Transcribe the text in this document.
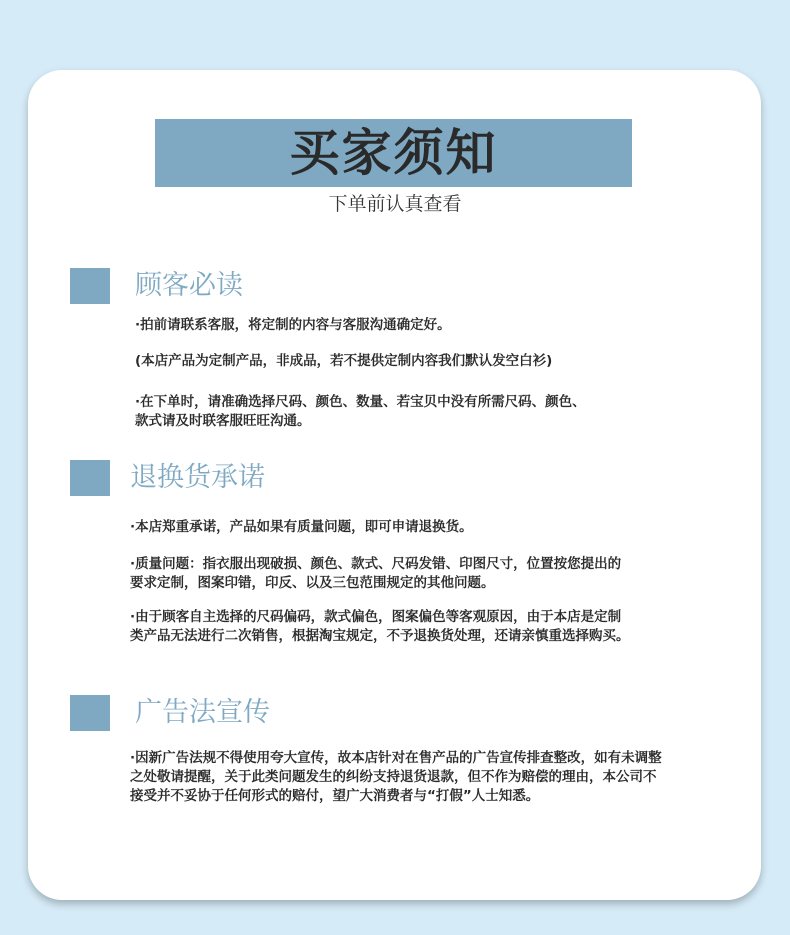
买家须知
下单前认真查看
顾客必读
·拍前请联系客服，将定制的内容与客服沟通确定好。
(本店产品为定制产品，非成品，若不提供定制内容我们默认发空白衫)
·在下单时，请准确选择尺码、颜色、数量、若宝贝中没有所需尺码、颜色、
款式请及时联客服旺旺沟通。
退换货承诺
·本店郑重承诺，产品如果有质量问题，即可申请退换货。
·质量问题：指衣服出现破损、颜色、款式、尺码发错、印图尺寸，位置按您提出的
要求定制，图案印错，印反、以及三包范围规定的其他问题。
·由于顾客自主选择的尺码偏码，款式偏色，图案偏色等客观原因，由于本店是定制
类产品无法进行二次销售，根据淘宝规定，不予退换货处理，还请亲慎重选择购买。
广告法宣传
·因新广告法规不得使用夸大宣传，故本店针对在售产品的广告宣传排查整改，如有未调整
之处敬请提醒，关于此类问题发生的纠纷支持退货退款，但不作为赔偿的理由，本公司不
接受并不妥协于任何形式的赔付，望广大消费者与“打假”人士知悉。
